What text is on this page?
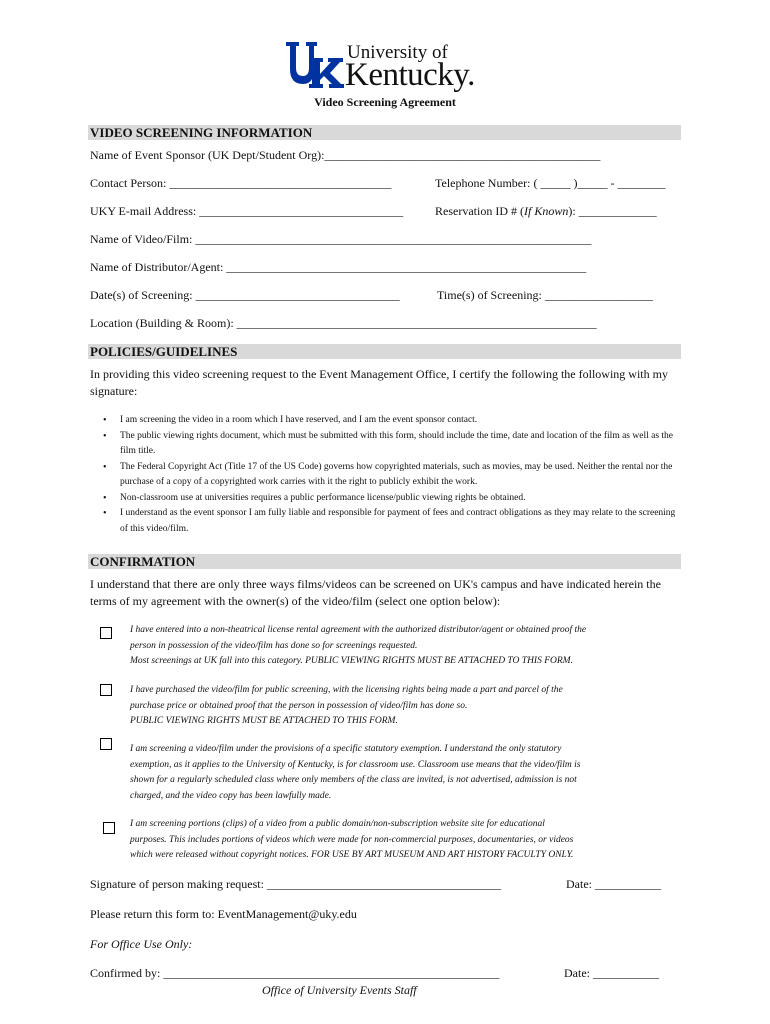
University of
Kentucky.
Video Screening Agreement
VIDEO SCREENING INFORMATION
Name of Event Sponsor (UK Dept/Student Org):______________________________________________
Contact Person: _____________________________________	Telephone Number: ( _____ )_____ - ________
UKY E-mail Address: __________________________________	Reservation ID # (If Known): _____________
Name of Video/Film: __________________________________________________________________
Name of Distributor/Agent: ____________________________________________________________
Date(s) of Screening: __________________________________	Time(s) of Screening: __________________
Location (Building & Room): ____________________________________________________________
POLICIES/GUIDELINES
In providing this video screening request to the Event Management Office, I certify the following the following with my signature:
• I am screening the video in a room which I have reserved, and I am the event sponsor contact.
• The public viewing rights document, which must be submitted with this form, should include the time, date and location of the film as well as the film title.
• The Federal Copyright Act (Title 17 of the US Code) governs how copyrighted materials, such as movies, may be used. Neither the rental nor the purchase of a copy of a copyrighted work carries with it the right to publicly exhibit the work.
• Non-classroom use at universities requires a public performance license/public viewing rights be obtained.
• I understand as the event sponsor I am fully liable and responsible for payment of fees and contract obligations as they may relate to the screening of this video/film.
CONFIRMATION
I understand that there are only three ways films/videos can be screened on UK's campus and have indicated herein the terms of my agreement with the owner(s) of the video/film (select one option below):
I have entered into a non-theatrical license rental agreement with the authorized distributor/agent or obtained proof the
person in possession of the video/film has done so for screenings requested.
Most screenings at UK fall into this category. PUBLIC VIEWING RIGHTS MUST BE ATTACHED TO THIS FORM.
I have purchased the video/film for public screening, with the licensing rights being made a part and parcel of the
purchase price or obtained proof that the person in possession of video/film has done so.
PUBLIC VIEWING RIGHTS MUST BE ATTACHED TO THIS FORM.
I am screening a video/film under the provisions of a specific statutory exemption. I understand the only statutory
exemption, as it applies to the University of Kentucky, is for classroom use. Classroom use means that the video/film is
shown for a regularly scheduled class where only members of the class are invited, is not advertised, admission is not
charged, and the video copy has been lawfully made.
I am screening portions (clips) of a video from a public domain/non-subscription website site for educational
purposes. This includes portions of videos which were made for non-commercial purposes, documentaries, or videos
which were released without copyright notices. FOR USE BY ART MUSEUM AND ART HISTORY FACULTY ONLY.
Signature of person making request: _______________________________________	Date: ___________
Please return this form to: EventManagement@uky.edu
For Office Use Only:
Confirmed by: ________________________________________________________	Date: ___________
Office of University Events Staff
